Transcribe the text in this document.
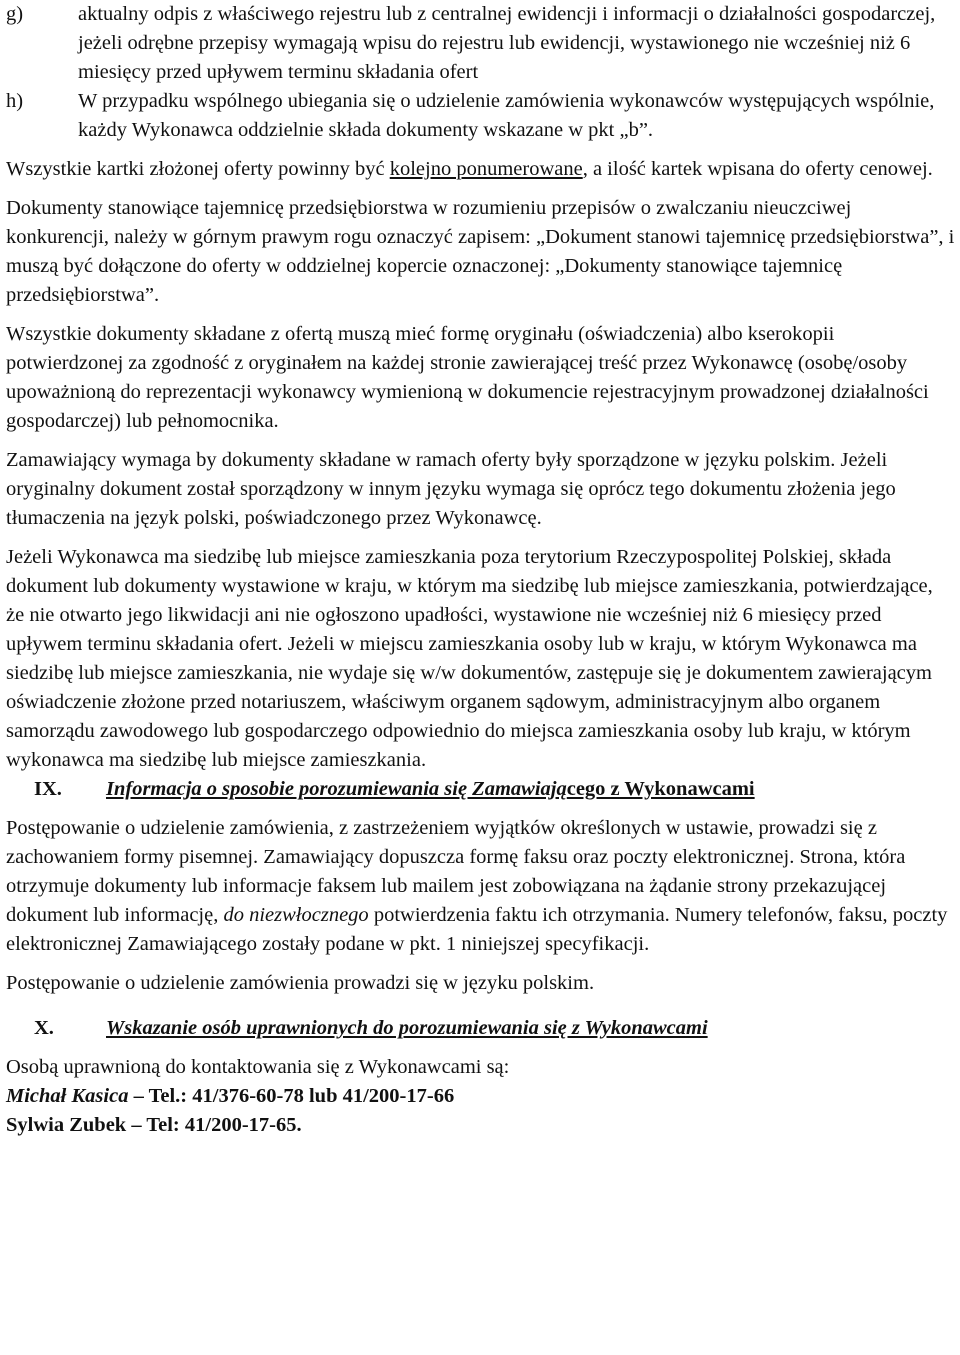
g)	aktualny odpis z właściwego rejestru lub z centralnej ewidencji i informacji o działalności gospodarczej, jeżeli odrębne przepisy wymagają wpisu do rejestru lub ewidencji, wystawionego nie wcześniej niż 6 miesięcy przed upływem terminu składania ofert

h)	W przypadku wspólnego ubiegania się o udzielenie zamówienia wykonawców występujących wspólnie, każdy Wykonawca oddzielnie składa dokumenty wskazane w pkt „b”.

Wszystkie kartki złożonej oferty powinny być kolejno ponumerowane, a ilość kartek wpisana do oferty cenowej.

Dokumenty stanowiące tajemnicę przedsiębiorstwa w rozumieniu przepisów o zwalczaniu nieuczciwej konkurencji, należy w górnym prawym rogu oznaczyć zapisem: „Dokument stanowi tajemnicę przedsiębiorstwa”, i muszą być dołączone do oferty w oddzielnej kopercie oznaczonej: „Dokumenty stanowiące tajemnicę przedsiębiorstwa”.

Wszystkie dokumenty składane z ofertą muszą mieć formę oryginału (oświadczenia) albo kserokopii potwierdzonej za zgodność z oryginałem na każdej stronie zawierającej treść przez Wykonawcę (osobę/osoby upoważnioną do reprezentacji wykonawcy wymienioną w dokumencie rejestracyjnym prowadzonej działalności gospodarczej) lub pełnomocnika.

Zamawiający wymaga by dokumenty składane w ramach oferty były sporządzone w języku polskim. Jeżeli oryginalny dokument został sporządzony w innym języku wymaga się oprócz tego dokumentu złożenia jego tłumaczenia na język polski, poświadczonego przez Wykonawcę.

Jeżeli Wykonawca ma siedzibę lub miejsce zamieszkania poza terytorium Rzeczypospolitej Polskiej, składa dokument lub dokumenty wystawione w kraju, w którym ma siedzibę lub miejsce zamieszkania, potwierdzające, że nie otwarto jego likwidacji ani nie ogłoszono upadłości, wystawione nie wcześniej niż 6 miesięcy przed upływem terminu składania ofert. Jeżeli w miejscu zamieszkania osoby lub w kraju, w którym Wykonawca ma siedzibę lub miejsce zamieszkania, nie wydaje się w/w dokumentów, zastępuje się je dokumentem zawierającym oświadczenie złożone przed notariuszem, właściwym organem sądowym, administracyjnym albo organem samorządu zawodowego lub gospodarczego odpowiednio do miejsca zamieszkania osoby lub kraju, w którym wykonawca ma siedzibę lub miejsce zamieszkania.

IX. Informacja o sposobie porozumiewania się Zamawiającego z Wykonawcami

Postępowanie o udzielenie zamówienia, z zastrzeżeniem wyjątków określonych w ustawie, prowadzi się z zachowaniem formy pisemnej. Zamawiający dopuszcza formę faksu oraz poczty elektronicznej. Strona, która otrzymuje dokumenty lub informacje faksem lub mailem jest zobowiązana na żądanie strony przekazującej dokument lub informację, do niezwłocznego potwierdzenia faktu ich otrzymania. Numery telefonów, faksu, poczty elektronicznej Zamawiającego zostały podane w pkt. 1 niniejszej specyfikacji.

Postępowanie o udzielenie zamówienia prowadzi się w języku polskim.

X.	Wskazanie osób uprawnionych do porozumiewania się z Wykonawcami

Osobą uprawnioną do kontaktowania się z Wykonawcami są:

Michał Kasica – Tel.: 41/376-60-78 lub 41/200-17-66

Sylwia Zubek – Tel: 41/200-17-65.
